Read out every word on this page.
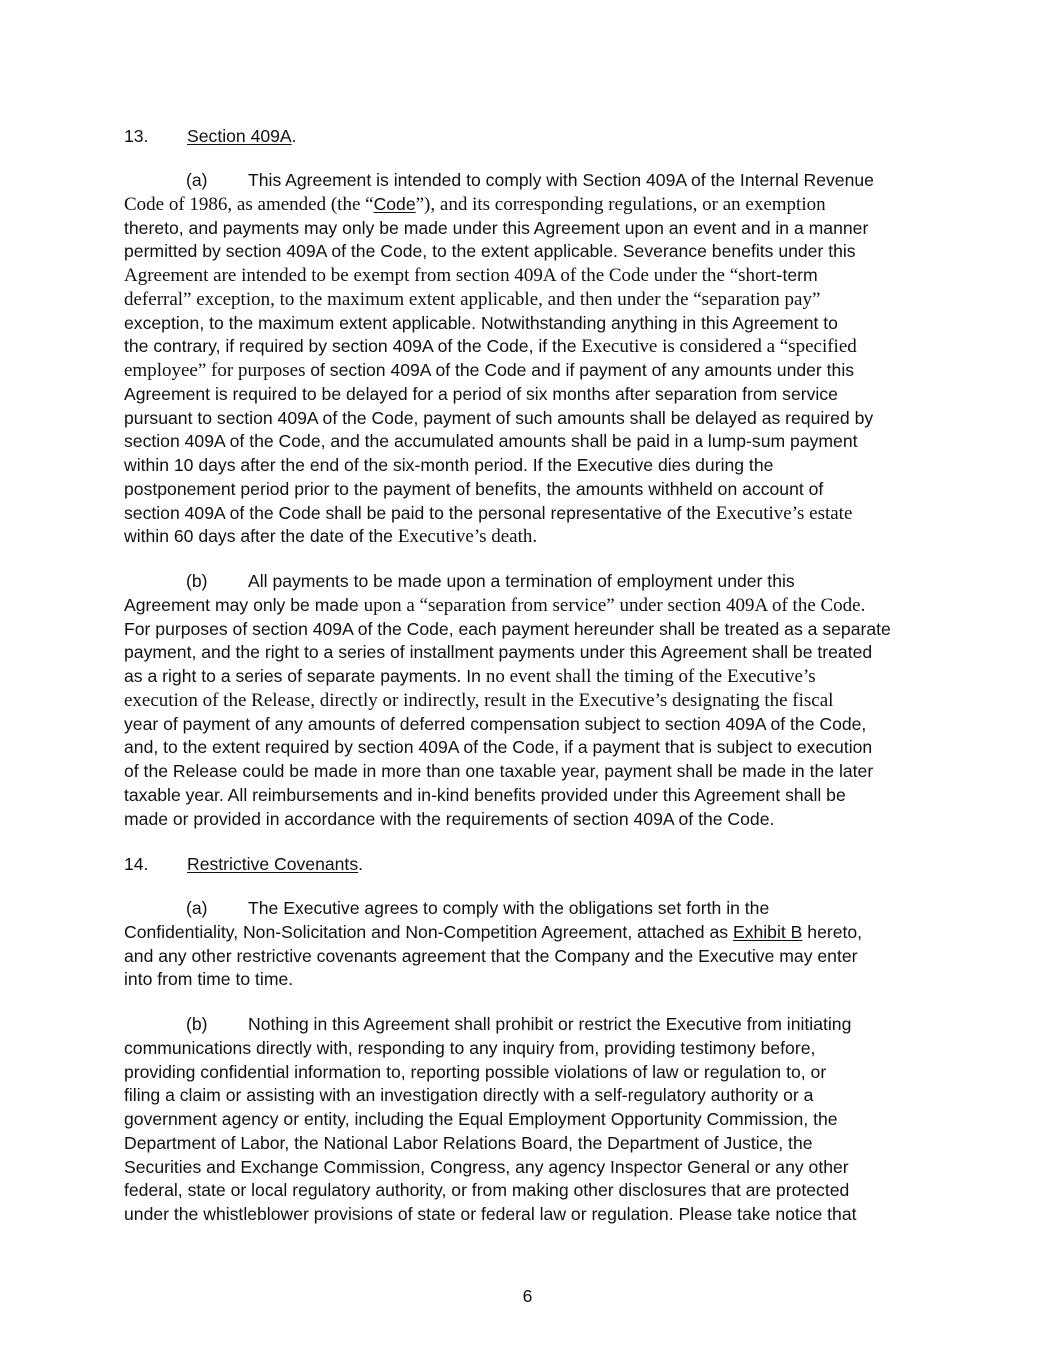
13. Section 409A.
(a) This Agreement is intended to comply with Section 409A of the Internal Revenue
Code of 1986, as amended (the “Code”), and its corresponding regulations, or an exemption
thereto, and payments may only be made under this Agreement upon an event and in a manner
permitted by section 409A of the Code, to the extent applicable. Severance benefits under this
Agreement are intended to be exempt from section 409A of the Code under the “short-term
deferral” exception, to the maximum extent applicable, and then under the “separation pay”
exception, to the maximum extent applicable. Notwithstanding anything in this Agreement to
the contrary, if required by section 409A of the Code, if the Executive is considered a “specified
employee” for purposes of section 409A of the Code and if payment of any amounts under this
Agreement is required to be delayed for a period of six months after separation from service
pursuant to section 409A of the Code, payment of such amounts shall be delayed as required by
section 409A of the Code, and the accumulated amounts shall be paid in a lump-sum payment
within 10 days after the end of the six-month period. If the Executive dies during the
postponement period prior to the payment of benefits, the amounts withheld on account of
section 409A of the Code shall be paid to the personal representative of the Executive’s estate
within 60 days after the date of the Executive’s death.
(b) All payments to be made upon a termination of employment under this
Agreement may only be made upon a “separation from service” under section 409A of the Code.
For purposes of section 409A of the Code, each payment hereunder shall be treated as a separate
payment, and the right to a series of installment payments under this Agreement shall be treated
as a right to a series of separate payments. In no event shall the timing of the Executive’s
execution of the Release, directly or indirectly, result in the Executive’s designating the fiscal
year of payment of any amounts of deferred compensation subject to section 409A of the Code,
and, to the extent required by section 409A of the Code, if a payment that is subject to execution
of the Release could be made in more than one taxable year, payment shall be made in the later
taxable year. All reimbursements and in-kind benefits provided under this Agreement shall be
made or provided in accordance with the requirements of section 409A of the Code.
14. Restrictive Covenants.
(a) The Executive agrees to comply with the obligations set forth in the
Confidentiality, Non-Solicitation and Non-Competition Agreement, attached as Exhibit B hereto,
and any other restrictive covenants agreement that the Company and the Executive may enter
into from time to time.
(b) Nothing in this Agreement shall prohibit or restrict the Executive from initiating
communications directly with, responding to any inquiry from, providing testimony before,
providing confidential information to, reporting possible violations of law or regulation to, or
filing a claim or assisting with an investigation directly with a self-regulatory authority or a
government agency or entity, including the Equal Employment Opportunity Commission, the
Department of Labor, the National Labor Relations Board, the Department of Justice, the
Securities and Exchange Commission, Congress, any agency Inspector General or any other
federal, state or local regulatory authority, or from making other disclosures that are protected
under the whistleblower provisions of state or federal law or regulation. Please take notice that
6
